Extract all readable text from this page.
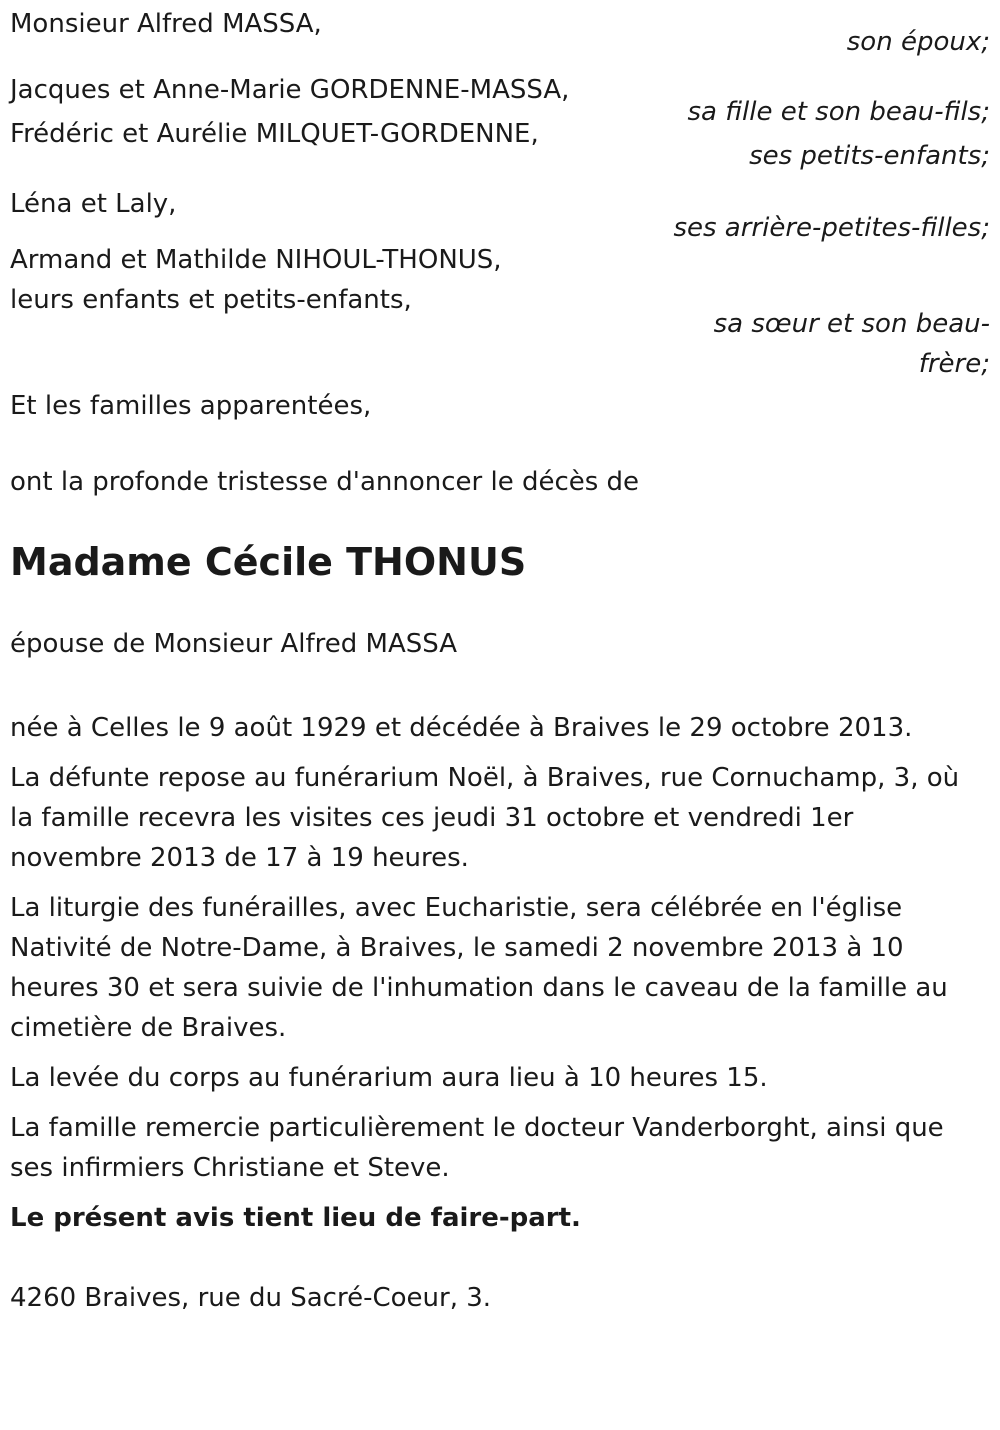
Monsieur Alfred MASSA,
son époux;
Jacques et Anne-Marie GORDENNE-MASSA,
sa fille et son beau-fils;
Frédéric et Aurélie MILQUET-GORDENNE,
ses petits-enfants;
Léna et Laly,
ses arrière-petites-filles;
Armand et Mathilde NIHOUL-THONUS,
leurs enfants et petits-enfants,
sa sœur et son beau-frère;
Et les familles apparentées,
ont la profonde tristesse d'annoncer le décès de
Madame Cécile THONUS
épouse de Monsieur Alfred MASSA

née à Celles le 9 août 1929 et décédée à Braives le 29 octobre 2013.

La défunte repose au funérarium Noël, à Braives, rue Cornuchamp, 3, où la famille recevra les visites ces jeudi 31 octobre et vendredi 1er novembre 2013 de 17 à 19 heures.

La liturgie des funérailles, avec Eucharistie, sera célébrée en l'église Nativité de Notre-Dame, à Braives, le samedi 2 novembre 2013 à 10 heures 30 et sera suivie de l'inhumation dans le caveau de la famille au cimetière de Braives.

La levée du corps au funérarium aura lieu à 10 heures 15.

La famille remercie particulièrement le docteur Vanderborght, ainsi que ses infirmiers Christiane et Steve.

Le présent avis tient lieu de faire-part.

4260 Braives, rue du Sacré-Coeur, 3.
